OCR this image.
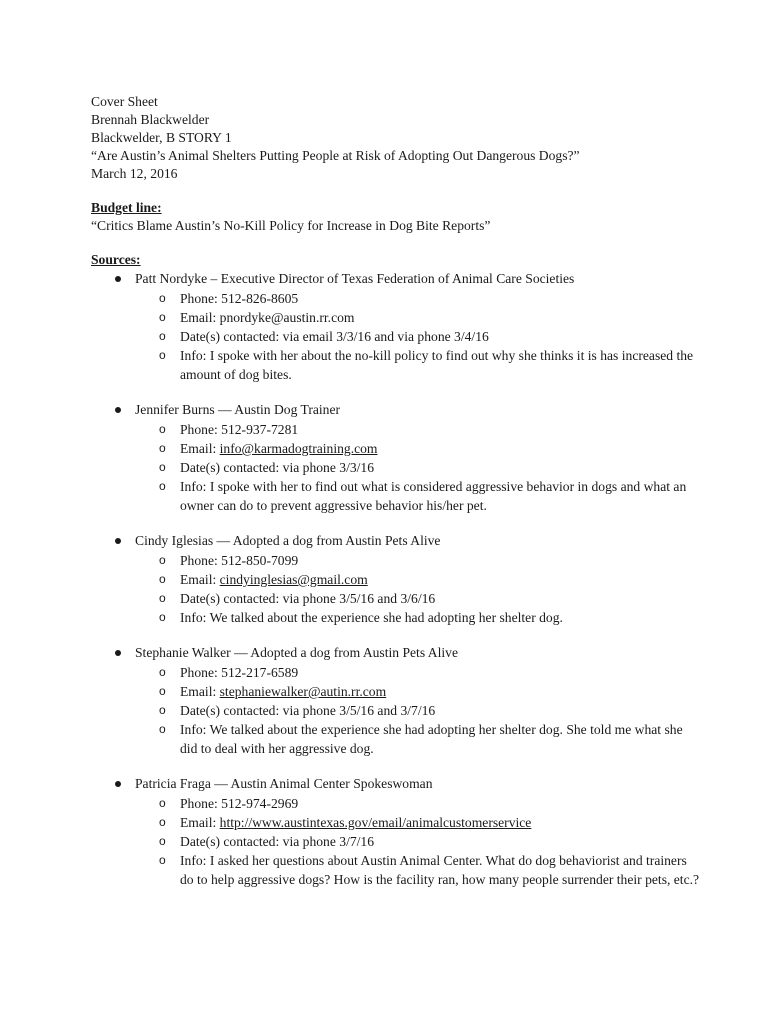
Cover Sheet
Brennah Blackwelder
Blackwelder, B STORY 1
“Are Austin’s Animal Shelters Putting People at Risk of Adopting Out Dangerous Dogs?”
March 12, 2016
Budget line:
“Critics Blame Austin’s No-Kill Policy for Increase in Dog Bite Reports”
Sources:
Patt Nordyke – Executive Director of Texas Federation of Animal Care Societies
o Phone: 512-826-8605
o Email: pnordyke@austin.rr.com
o Date(s) contacted: via email 3/3/16 and via phone 3/4/16
o Info: I spoke with her about the no-kill policy to find out why she thinks it is has increased the amount of dog bites.
Jennifer Burns — Austin Dog Trainer
o Phone: 512-937-7281
o Email: info@karmadogtraining.com
o Date(s) contacted: via phone 3/3/16
o Info: I spoke with her to find out what is considered aggressive behavior in dogs and what an owner can do to prevent aggressive behavior his/her pet.
Cindy Iglesias — Adopted a dog from Austin Pets Alive
o Phone: 512-850-7099
o Email: cindyinglesias@gmail.com
o Date(s) contacted: via phone 3/5/16 and 3/6/16
o Info: We talked about the experience she had adopting her shelter dog.
Stephanie Walker — Adopted a dog from Austin Pets Alive
o Phone: 512-217-6589
o Email: stephaniewalker@autin.rr.com
o Date(s) contacted: via phone 3/5/16 and 3/7/16
o Info: We talked about the experience she had adopting her shelter dog. She told me what she did to deal with her aggressive dog.
Patricia Fraga — Austin Animal Center Spokeswoman
o Phone: 512-974-2969
o Email: http://www.austintexas.gov/email/animalcustomerservice
o Date(s) contacted: via phone 3/7/16
o Info: I asked her questions about Austin Animal Center. What do dog behaviorist and trainers do to help aggressive dogs? How is the facility ran, how many people surrender their pets, etc.?
